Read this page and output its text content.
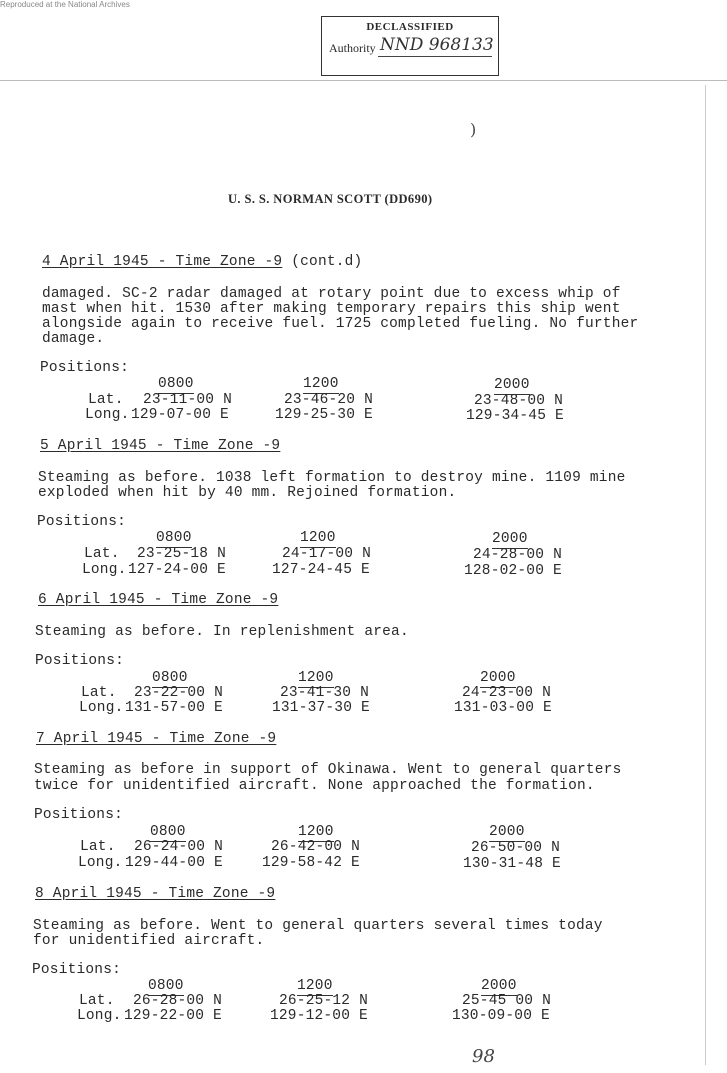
Reproduced at the National Archives
DECLASSIFIED
Authority NND 968133
)
U. S. S. NORMAN SCOTT (DD690)
4 April 1945 - Time Zone -9 (cont.d)
damaged. SC-2 radar damaged at rotary point due to excess whip of
mast when hit. 1530 after making temporary repairs this ship went
alongside again to receive fuel. 1725 completed fueling. No further
damage.
Positions:
0800	1200	2000
Lat. 23-11-00 N	23-46-20 N	23-48-00 N
Long. 129-07-00 E	129-25-30 E	129-34-45 E
5 April 1945 - Time Zone -9
Steaming as before. 1038 left formation to destroy mine. 1109 mine
exploded when hit by 40 mm. Rejoined formation.
Positions:
0800	1200	2000
Lat. 23-25-18 N	24-17-00 N	24-28-00 N
Long. 127-24-00 E	127-24-45 E	128-02-00 E
6 April 1945 - Time Zone -9
Steaming as before. In replenishment area.
Positions:
0800	1200	2000
Lat. 23-22-00 N	23-41-30 N	24-23-00 N
Long. 131-57-00 E	131-37-30 E	131-03-00 E
7 April 1945 - Time Zone -9
Steaming as before in support of Okinawa. Went to general quarters
twice for unidentified aircraft. None approached the formation.
Positions:
0800	1200	2000
Lat. 26-24-00 N	26-42-00 N	26-50-00 N
Long. 129-44-00 E	129-58-42 E	130-31-48 E
8 April 1945 - Time Zone -9
Steaming as before. Went to general quarters several times today
for unidentified aircraft.
Positions:
0800	1200	2000
Lat. 26-28-00 N	26-25-12 N	25-45 00 N
Long. 129-22-00 E	129-12-00 E	130-09-00 E
98
